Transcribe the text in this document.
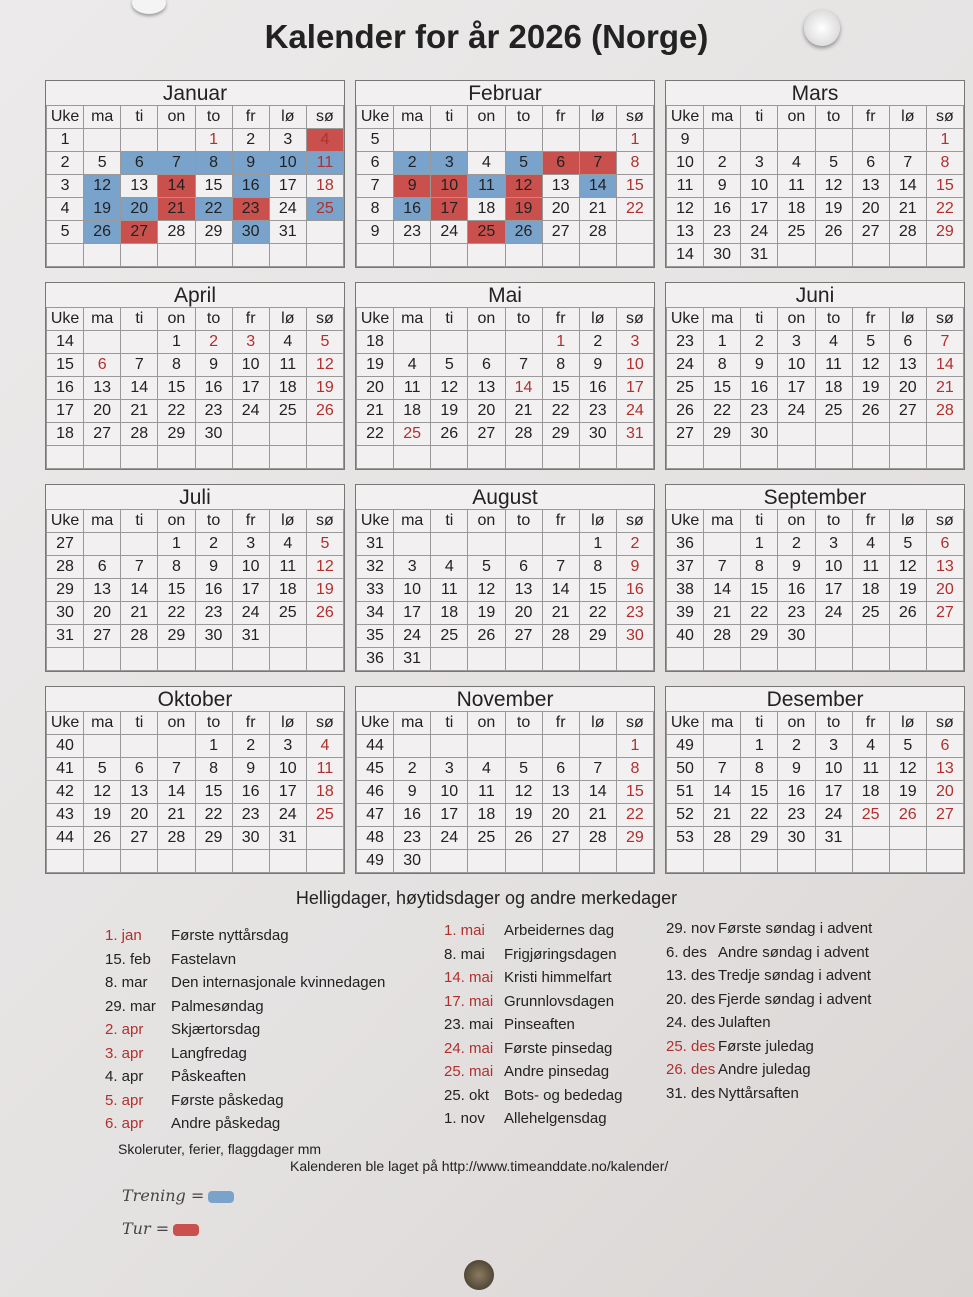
Kalender for år 2026 (Norge)
Januar
Uke	ma	ti	on	to	fr	lø	sø
1				1	2	3	4
2	5	6	7	8	9	10	11
3	12	13	14	15	16	17	18
4	19	20	21	22	23	24	25
5	26	27	28	29	30	31	

Februar
Uke	ma	ti	on	to	fr	lø	sø
5							1
6	2	3	4	5	6	7	8
7	9	10	11	12	13	14	15
8	16	17	18	19	20	21	22
9	23	24	25	26	27	28	

Mars
Uke	ma	ti	on	to	fr	lø	sø
9							1
10	2	3	4	5	6	7	8
11	9	10	11	12	13	14	15
12	16	17	18	19	20	21	22
13	23	24	25	26	27	28	29
14	30	31					
April
Uke	ma	ti	on	to	fr	lø	sø
14			1	2	3	4	5
15	6	7	8	9	10	11	12
16	13	14	15	16	17	18	19
17	20	21	22	23	24	25	26
18	27	28	29	30			

Mai
Uke	ma	ti	on	to	fr	lø	sø
18					1	2	3
19	4	5	6	7	8	9	10
20	11	12	13	14	15	16	17
21	18	19	20	21	22	23	24
22	25	26	27	28	29	30	31

Juni
Uke	ma	ti	on	to	fr	lø	sø
23	1	2	3	4	5	6	7
24	8	9	10	11	12	13	14
25	15	16	17	18	19	20	21
26	22	23	24	25	26	27	28
27	29	30					

Juli
Uke	ma	ti	on	to	fr	lø	sø
27			1	2	3	4	5
28	6	7	8	9	10	11	12
29	13	14	15	16	17	18	19
30	20	21	22	23	24	25	26
31	27	28	29	30	31		

August
Uke	ma	ti	on	to	fr	lø	sø
31						1	2
32	3	4	5	6	7	8	9
33	10	11	12	13	14	15	16
34	17	18	19	20	21	22	23
35	24	25	26	27	28	29	30
36	31						
September
Uke	ma	ti	on	to	fr	lø	sø
36		1	2	3	4	5	6
37	7	8	9	10	11	12	13
38	14	15	16	17	18	19	20
39	21	22	23	24	25	26	27
40	28	29	30				

Oktober
Uke	ma	ti	on	to	fr	lø	sø
40				1	2	3	4
41	5	6	7	8	9	10	11
42	12	13	14	15	16	17	18
43	19	20	21	22	23	24	25
44	26	27	28	29	30	31	

November
Uke	ma	ti	on	to	fr	lø	sø
44							1
45	2	3	4	5	6	7	8
46	9	10	11	12	13	14	15
47	16	17	18	19	20	21	22
48	23	24	25	26	27	28	29
49	30						
Desember
Uke	ma	ti	on	to	fr	lø	sø
49		1	2	3	4	5	6
50	7	8	9	10	11	12	13
51	14	15	16	17	18	19	20
52	21	22	23	24	25	26	27
53	28	29	30	31			

Helligdager, høytidsdager og andre merkedager
1. jan Første nyttårsdag
15. feb Fastelavn
8. mar Den internasjonale kvinnedagen
29. mar Palmesøndag
2. apr Skjærtorsdag
3. apr Langfredag
4. apr Påskeaften
5. apr Første påskedag
6. apr Andre påskedag
1. mai Arbeidernes dag
8. mai Frigjøringsdagen
14. mai Kristi himmelfart
17. mai Grunnlovsdagen
23. mai Pinseaften
24. mai Første pinsedag
25. mai Andre pinsedag
25. okt Bots- og bededag
1. nov Allehelgensdag
29. nov Første søndag i advent
6. des Andre søndag i advent
13. des Tredje søndag i advent
20. des Fjerde søndag i advent
24. des Julaften
25. des Første juledag
26. des Andre juledag
31. des Nyttårsaften
Skoleruter, ferier, flaggdager mm
Kalenderen ble laget på http://www.timeanddate.no/kalender/
Trening =
Tur =
